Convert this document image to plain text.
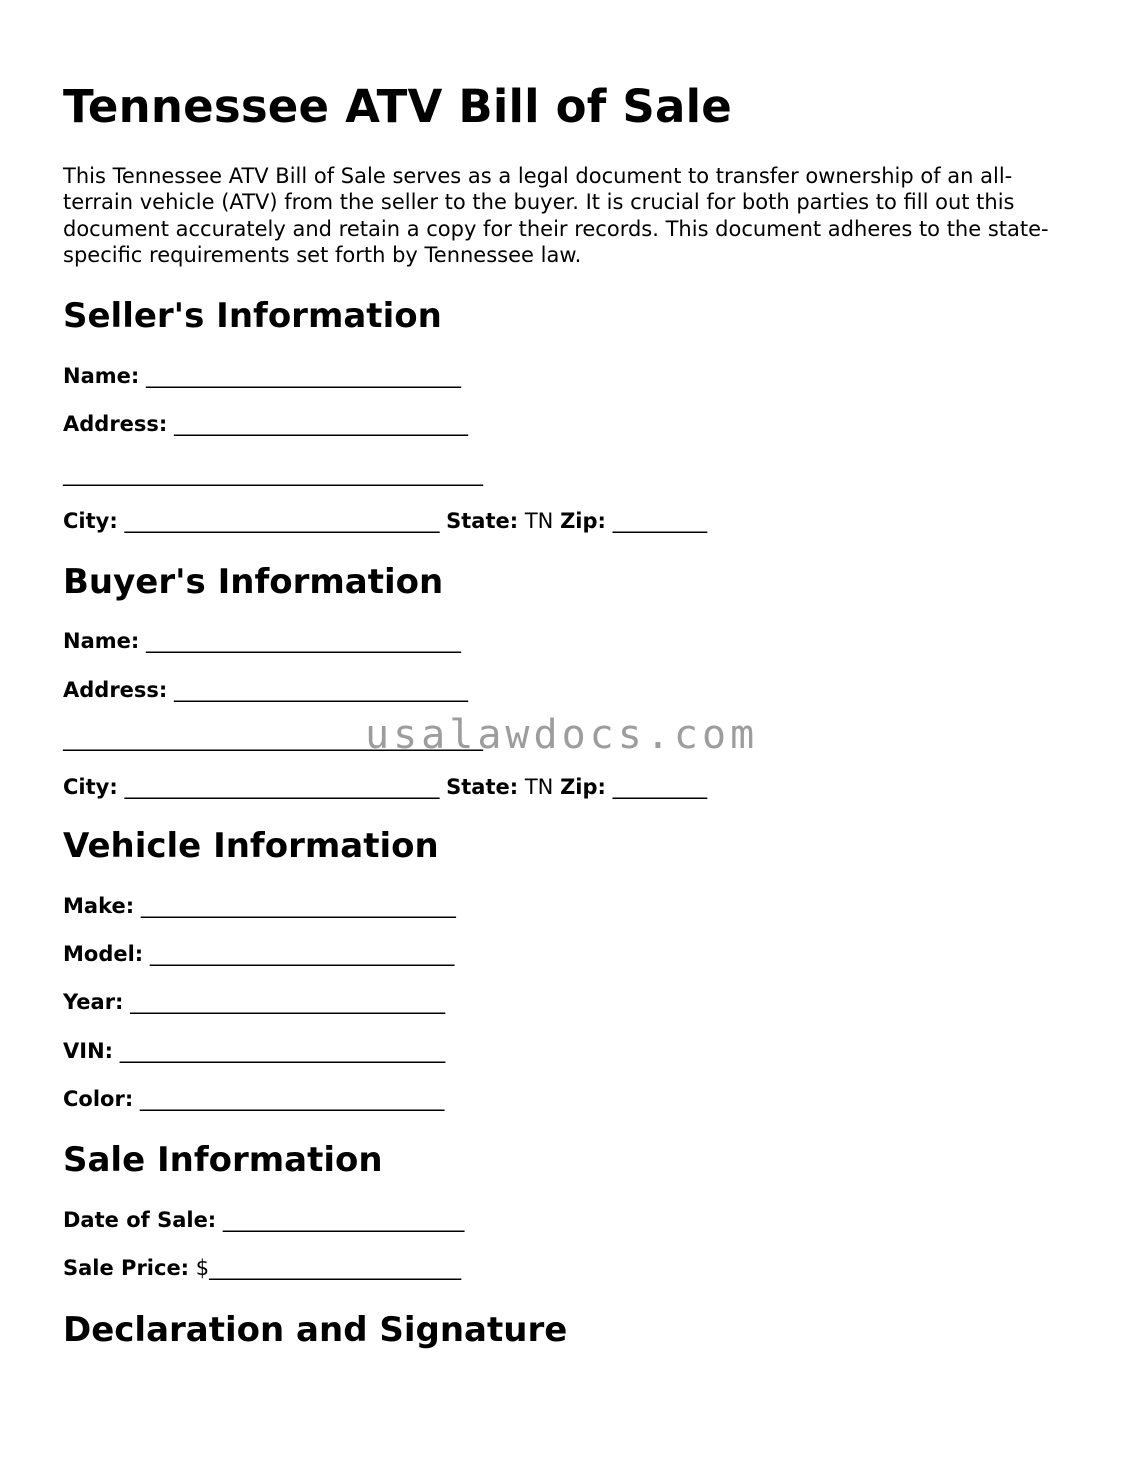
Tennessee ATV Bill of Sale

This Tennessee ATV Bill of Sale serves as a legal document to transfer ownership of an all-terrain vehicle (ATV) from the seller to the buyer. It is crucial for both parties to fill out this document accurately and retain a copy for their records. This document adheres to the state-specific requirements set forth by Tennessee law.

Seller's Information

Name: ______________________________

Address: ____________________________

________________________________________

City: ______________________________ State: TN Zip: _________

Buyer's Information

Name: ______________________________

Address: ____________________________

________________________________________

City: ______________________________ State: TN Zip: _________

Vehicle Information

Make: ______________________________

Model: _____________________________

Year: ______________________________

VIN: _______________________________

Color: _____________________________

Sale Information

Date of Sale: _______________________

Sale Price: $________________________

Declaration and Signature
usalawdocs.com
